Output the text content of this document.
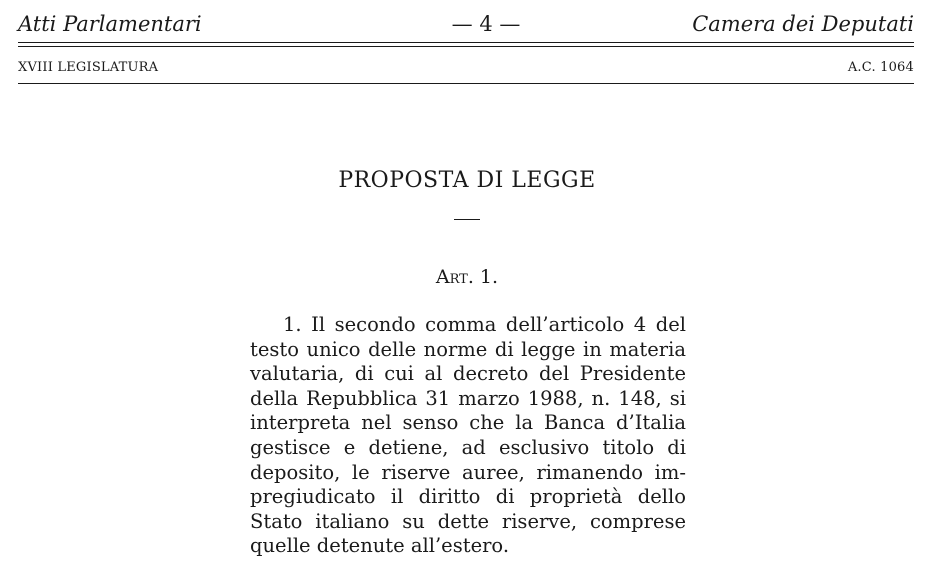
Atti Parlamentari	— 4 —	Camera dei Deputati
XVIII LEGISLATURA	A.C. 1064
PROPOSTA DI LEGGE
Art. 1.
1. Il secondo comma dell’articolo 4 del
testo unico delle norme di legge in materia
valutaria, di cui al decreto del Presidente
della Repubblica 31 marzo 1988, n. 148, si
interpreta nel senso che la Banca d’Italia
gestisce e detiene, ad esclusivo titolo di
deposito, le riserve auree, rimanendo im-
pregiudicato il diritto di proprietà dello
Stato italiano su dette riserve, comprese
quelle detenute all’estero.
